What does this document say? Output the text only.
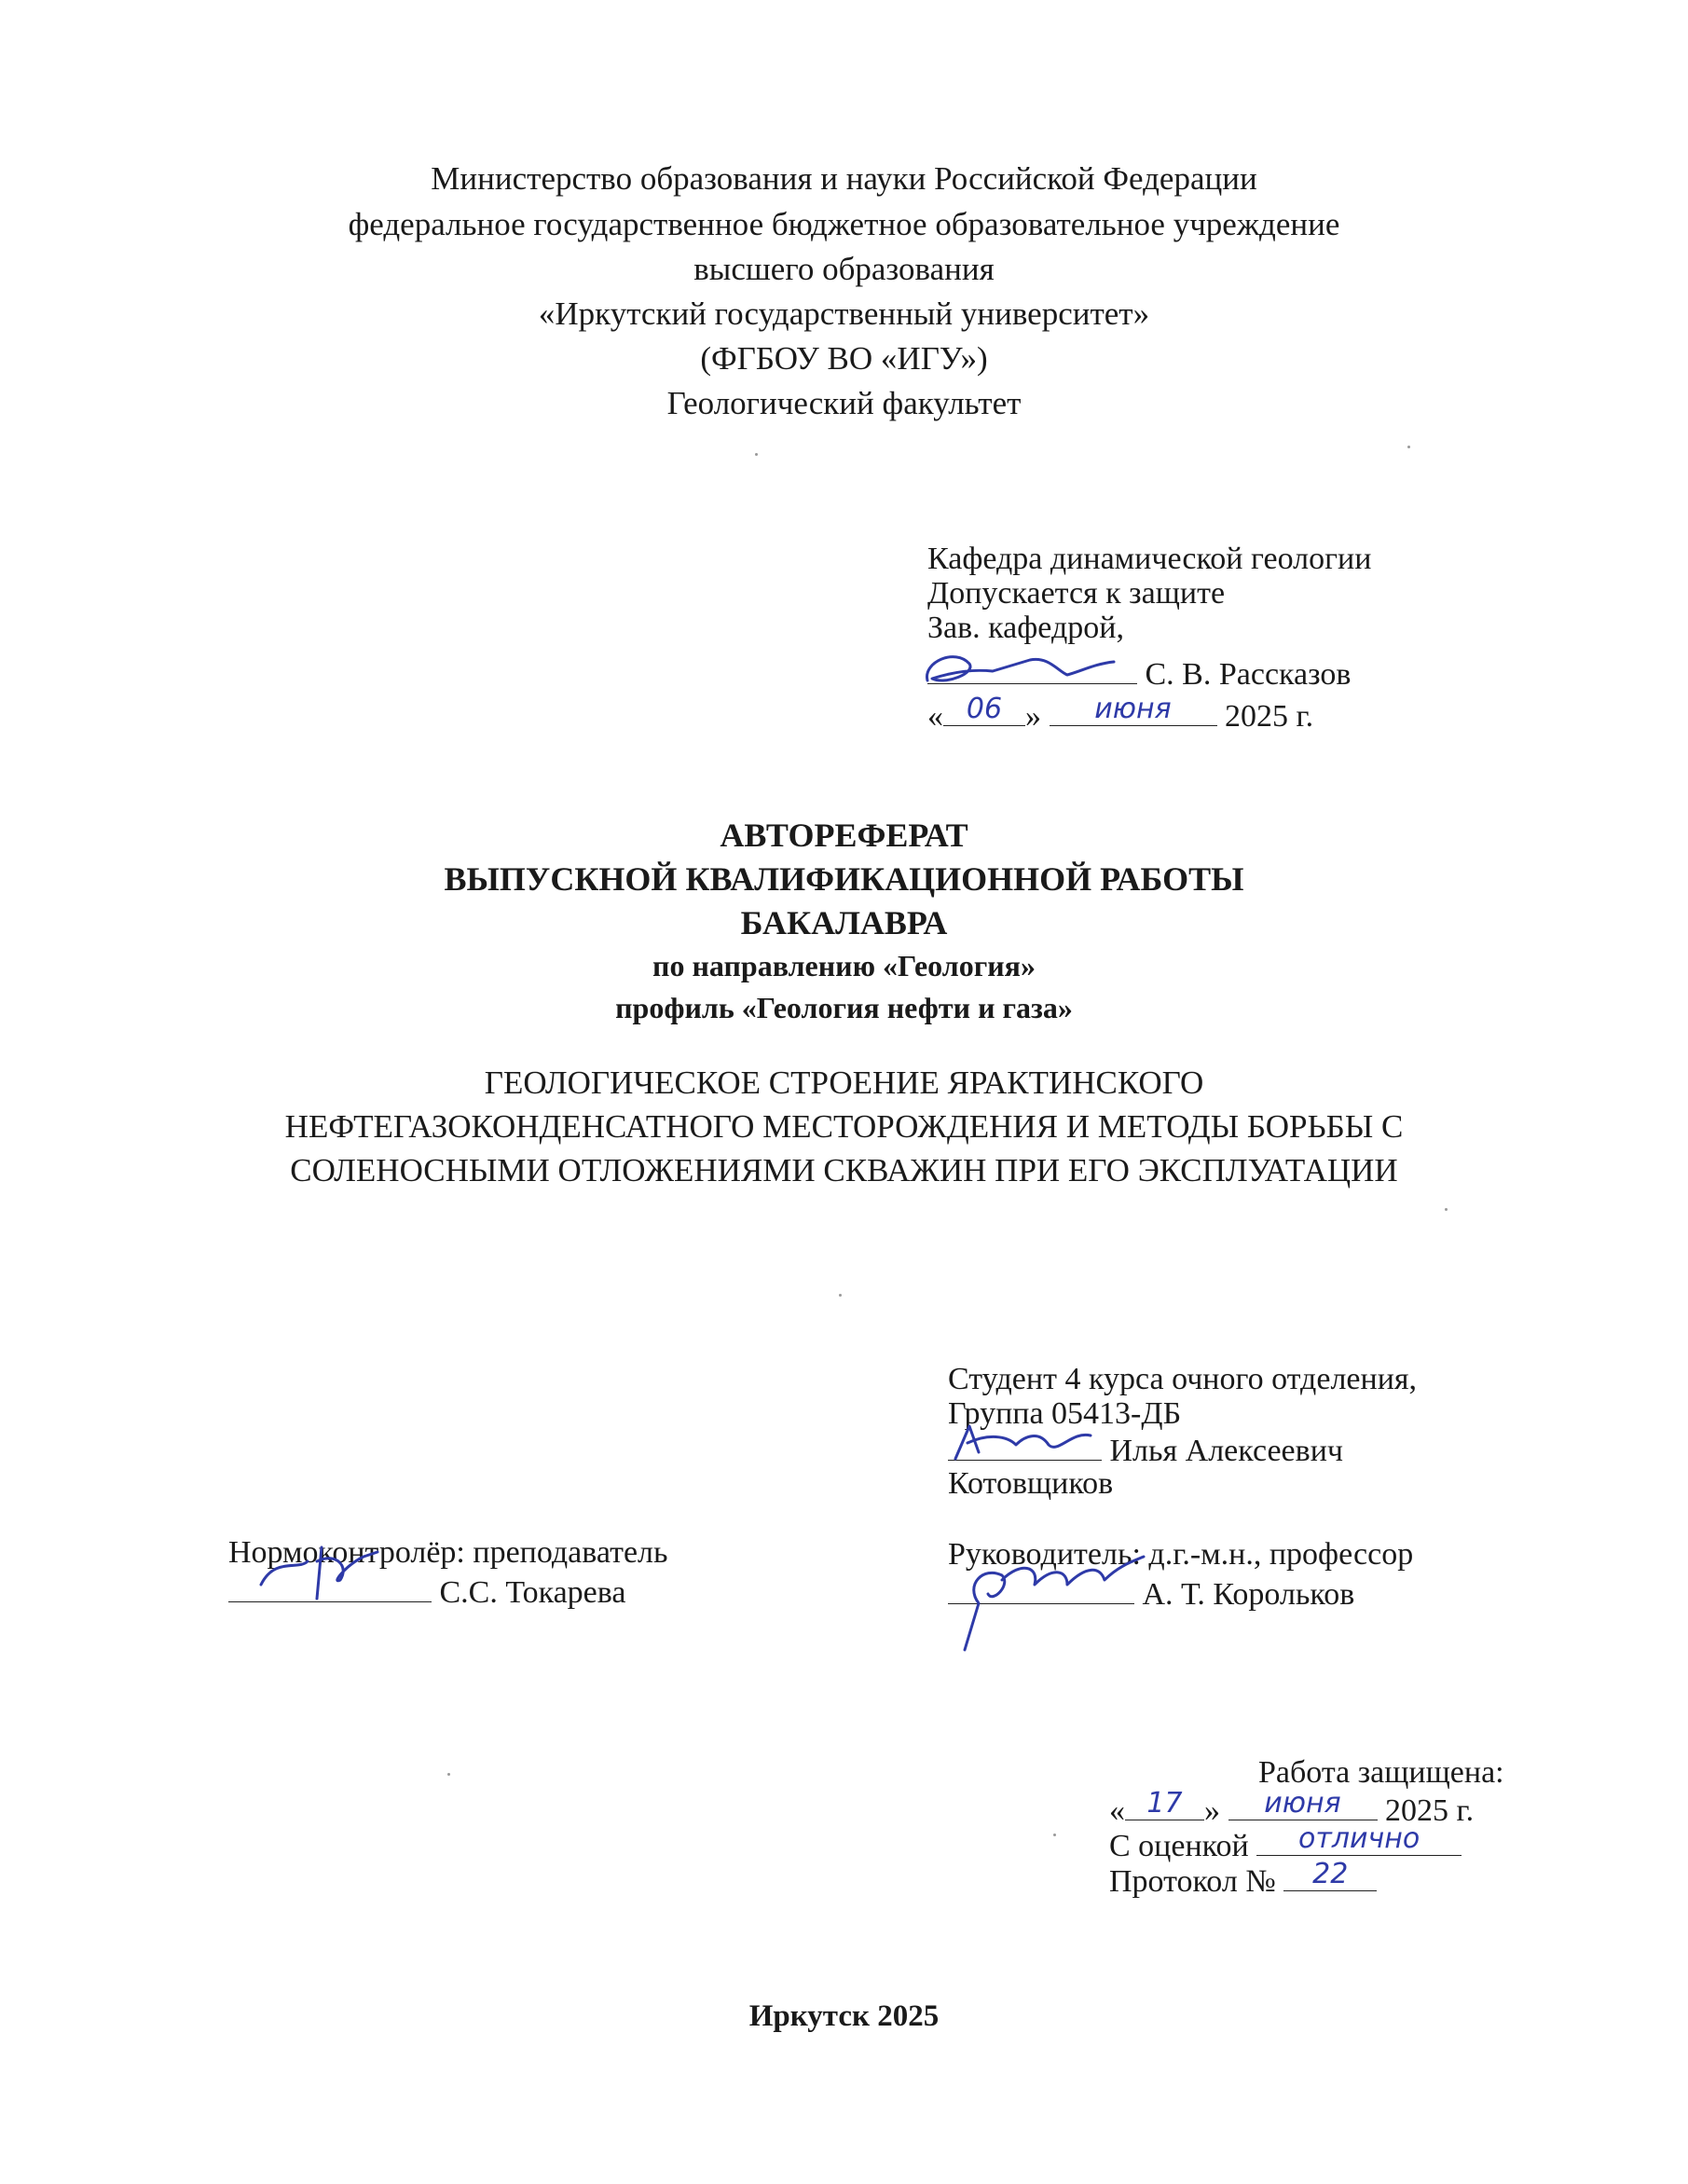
Министерство образования и науки Российской Федерации
федеральное государственное бюджетное образовательное учреждение
высшего образования
«Иркутский государственный университет»
(ФГБОУ ВО «ИГУ»)
Геологический факультет
Кафедра динамической геологии
Допускается к защите
Зав. кафедрой,
С. В. Рассказов
« 06 »	июня	2025 г.
АВТОРЕФЕРАТ
ВЫПУСКНОЙ КВАЛИФИКАЦИОННОЙ РАБОТЫ
БАКАЛАВРА
по направлению «Геология»
профиль «Геология нефти и газа»
ГЕОЛОГИЧЕСКОЕ СТРОЕНИЕ ЯРАКТИНСКОГО
НЕФТЕГАЗОКОНДЕНСАТНОГО МЕСТОРОЖДЕНИЯ И МЕТОДЫ БОРЬБЫ С
СОЛЕНОСНЫМИ ОТЛОЖЕНИЯМИ СКВАЖИН ПРИ ЕГО ЭКСПЛУАТАЦИИ
Студент 4 курса очного отделения,
Группа 05413-ДБ
Илья Алексеевич
Котовщиков
Нормоконтролёр: преподаватель
С.С. Токарева
Руководитель: д.г.-м.н., профессор
А. Т. Корольков
Работа защищена:
« 17 »	июня	2025 г.
С оценкой	отлично
Протокол №	22
Иркутск 2025
